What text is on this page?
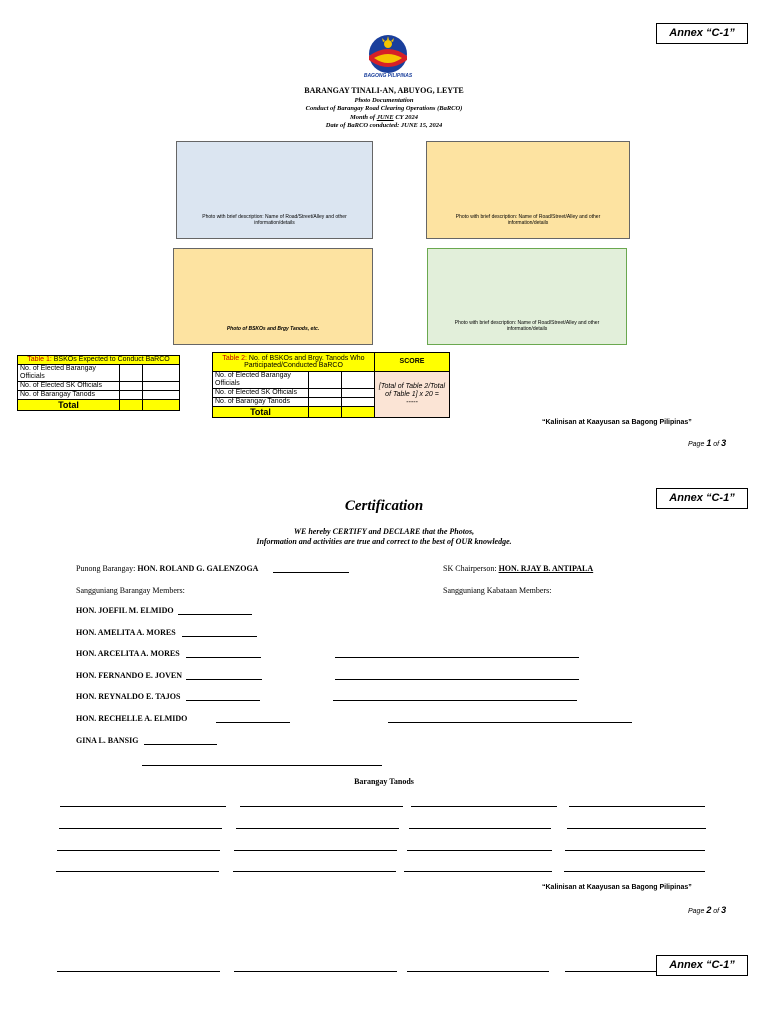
Annex “C-1”
BAGONG PILIPINAS
BARANGAY TINALI-AN, ABUYOG, LEYTE
Photo Documentation
Conduct of Barangay Road Clearing Operations (BaRCO)
Month of JUNE CY 2024
Date of BaRCO conducted: JUNE 15, 2024
Photo with brief description: Name of Road/Street/Alley and other information/details
Photo with brief description: Name of Road/Street/Alley and other information/details
Photo of BSKOs and Brgy Tanods, etc.
Photo with brief description: Name of Road/Street/Alley and other information/details
Table 1: BSKOs Expected to Conduct BaRCO		
No. of Elected Barangay Officials		
No. of Elected SK Officials		
No. of Barangay Tanods		
Total		
Table 2: No. of BSKOs and Brgy. Tanods Who Participated/Conducted BaRCO			SCORE
No. of Elected Barangay Officials			[Total of Table 2/Total of Table 1] x 20 =
-----
No. of Elected SK Officials			
No. of Barangay Tanods			
Total			
“Kalinisan at Kaayusan sa Bagong Pilipinas”
Page 1 of 3
Annex “C-1”
Certification
WE hereby CERTIFY and DECLARE that the Photos,
Information and activities are true and correct to the best of OUR knowledge.
Punong Barangay: HON. ROLAND G. GALENZOGA	SK Chairperson: HON. RJAY B. ANTIPALA
Sangguniang Barangay Members:	Sangguniang Kabataan Members:
HON. JOEFIL M. ELMIDO
HON. AMELITA A. MORES
HON. ARCELITA A. MORES
HON. FERNANDO E. JOVEN
HON. REYNALDO E. TAJOS
HON. RECHELLE A. ELMIDO
GINA L. BANSIG
Barangay Tanods
“Kalinisan at Kaayusan sa Bagong Pilipinas”
Page 2 of 3
Annex “C-1”
